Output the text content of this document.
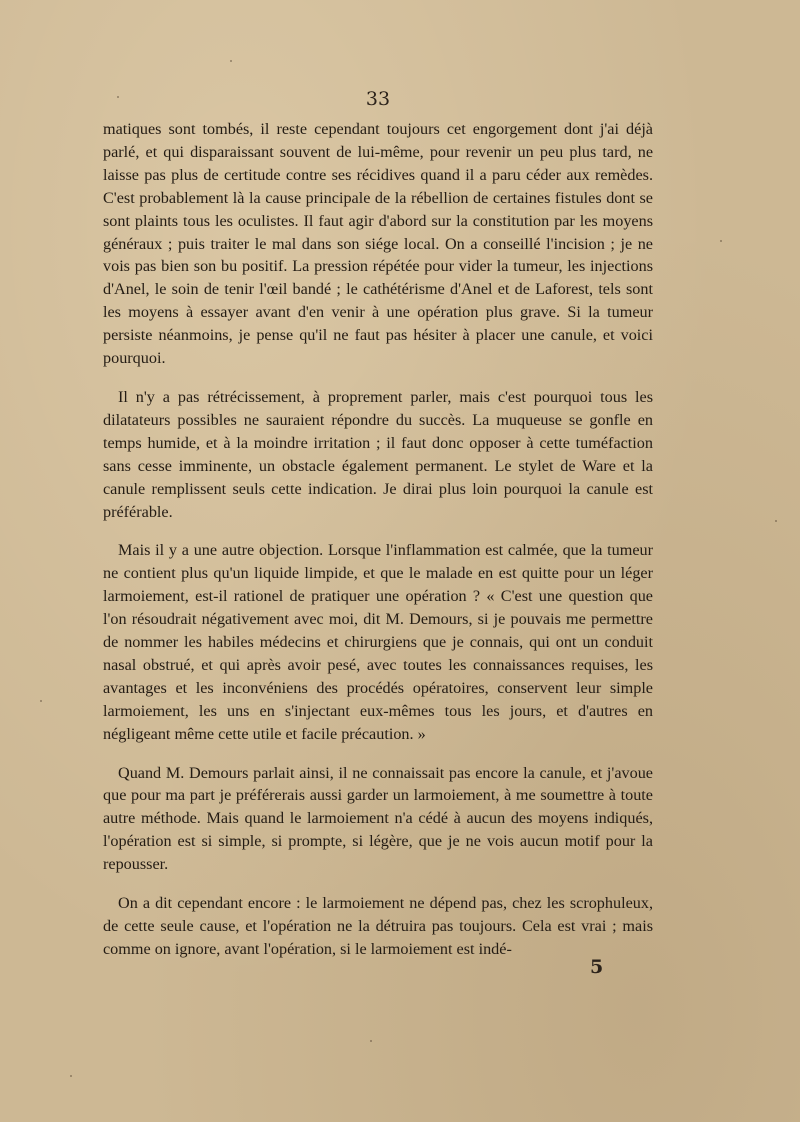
33

matiques sont tombés, il reste cependant toujours cet engorgement dont j'ai déjà parlé, et qui disparaissant souvent de lui-même, pour revenir un peu plus tard, ne laisse pas plus de certitude contre ses récidives quand il a paru céder aux remèdes. C'est probablement là la cause principale de la rébellion de certaines fistules dont se sont plaints tous les oculistes. Il faut agir d'abord sur la constitution par les moyens généraux ; puis traiter le mal dans son siége local. On a conseillé l'incision ; je ne vois pas bien son bu positif. La pression répétée pour vider la tumeur, les injections d'Anel, le soin de tenir l'œil bandé ; le cathétérisme d'Anel et de Laforest, tels sont les moyens à essayer avant d'en venir à une opération plus grave. Si la tumeur persiste néanmoins, je pense qu'il ne faut pas hésiter à placer une canule, et voici pourquoi.

Il n'y a pas rétrécissement, à proprement parler, mais c'est pourquoi tous les dilatateurs possibles ne sauraient répondre du succès. La muqueuse se gonfle en temps humide, et à la moindre irritation ; il faut donc opposer à cette tuméfaction sans cesse imminente, un obstacle également permanent. Le stylet de Ware et la canule remplissent seuls cette indication. Je dirai plus loin pourquoi la canule est préférable.

Mais il y a une autre objection. Lorsque l'inflammation est calmée, que la tumeur ne contient plus qu'un liquide limpide, et que le malade en est quitte pour un léger larmoiement, est-il rationel de pratiquer une opération ? « C'est une question que l'on résoudrait négativement avec moi, dit M. Demours, si je pouvais me permettre de nommer les habiles médecins et chirurgiens que je connais, qui ont un conduit nasal obstrué, et qui après avoir pesé, avec toutes les connaissances requises, les avantages et les inconvéniens des procédés opératoires, conservent leur simple larmoiement, les uns en s'injectant eux-mêmes tous les jours, et d'autres en négligeant même cette utile et facile précaution. »

Quand M. Demours parlait ainsi, il ne connaissait pas encore la canule, et j'avoue que pour ma part je préférerais aussi garder un larmoiement, à me soumettre à toute autre méthode. Mais quand le larmoiement n'a cédé à aucun des moyens indiqués, l'opération est si simple, si prompte, si légère, que je ne vois aucun motif pour la repousser.

On a dit cependant encore : le larmoiement ne dépend pas, chez les scrophuleux, de cette seule cause, et l'opération ne la détruira pas toujours. Cela est vrai ; mais comme on ignore, avant l'opération, si le larmoiement est indé-

5
